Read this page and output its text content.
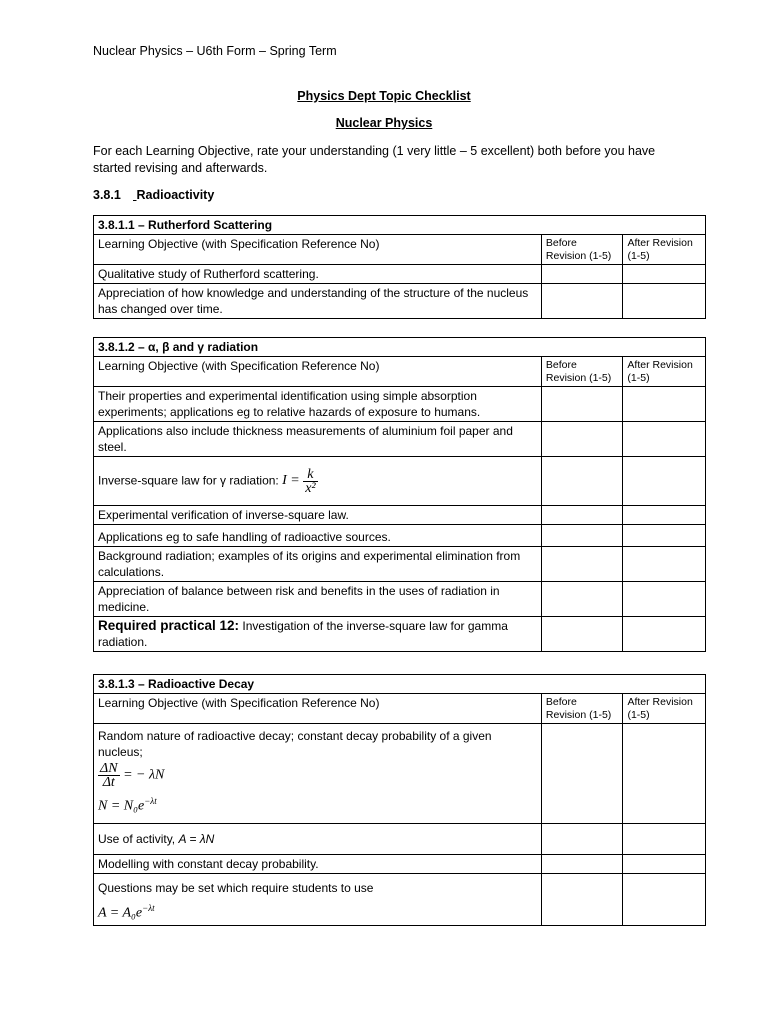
Nuclear Physics – U6th Form – Spring Term
Physics Dept Topic Checklist
Nuclear Physics
For each Learning Objective, rate your understanding (1 very little – 5 excellent) both before you have started revising and afterwards.
3.8.1 Radioactivity
3.8.1.1 – Rutherford Scattering		
Learning Objective (with Specification Reference No)	Before Revision (1-5)	After Revision (1-5)
Qualitative study of Rutherford scattering.		
Appreciation of how knowledge and understanding of the structure of the nucleus has changed over time.		
3.8.1.2 – α, β and γ radiation		
Learning Objective (with Specification Reference No)	Before Revision (1-5)	After Revision (1-5)
Their properties and experimental identification using simple absorption experiments; applications eg to relative hazards of exposure to humans.		
Applications also include thickness measurements of aluminium foil paper and steel.		
Inverse-square law for γ radiation: $I = \frac{k}{\text{x²}}$

Experimental verification of inverse-square law.		
Applications eg to safe handling of radioactive sources.		
Background radiation; examples of its origins and experimental elimination from calculations.		
Appreciation of balance between risk and benefits in the uses of radiation in medicine.		
Required practical 12: Investigation of the inverse-square law for gamma radiation.		
3.8.1.3 – Radioactive Decay		
Learning Objective (with Specification Reference No)	Before Revision (1-5)	After Revision (1-5)

Random nature of radioactive decay; constant decay probability of a given nucleus;
$\frac{\Delta N}{\Delta t}$ = − λN
$N = N_0e^{-\lambda t}$

Use of activity, A = λN		
Modelling with constant decay probability.		

Questions may be set which require students to use
$A = A_0e^{-\lambda t}$
